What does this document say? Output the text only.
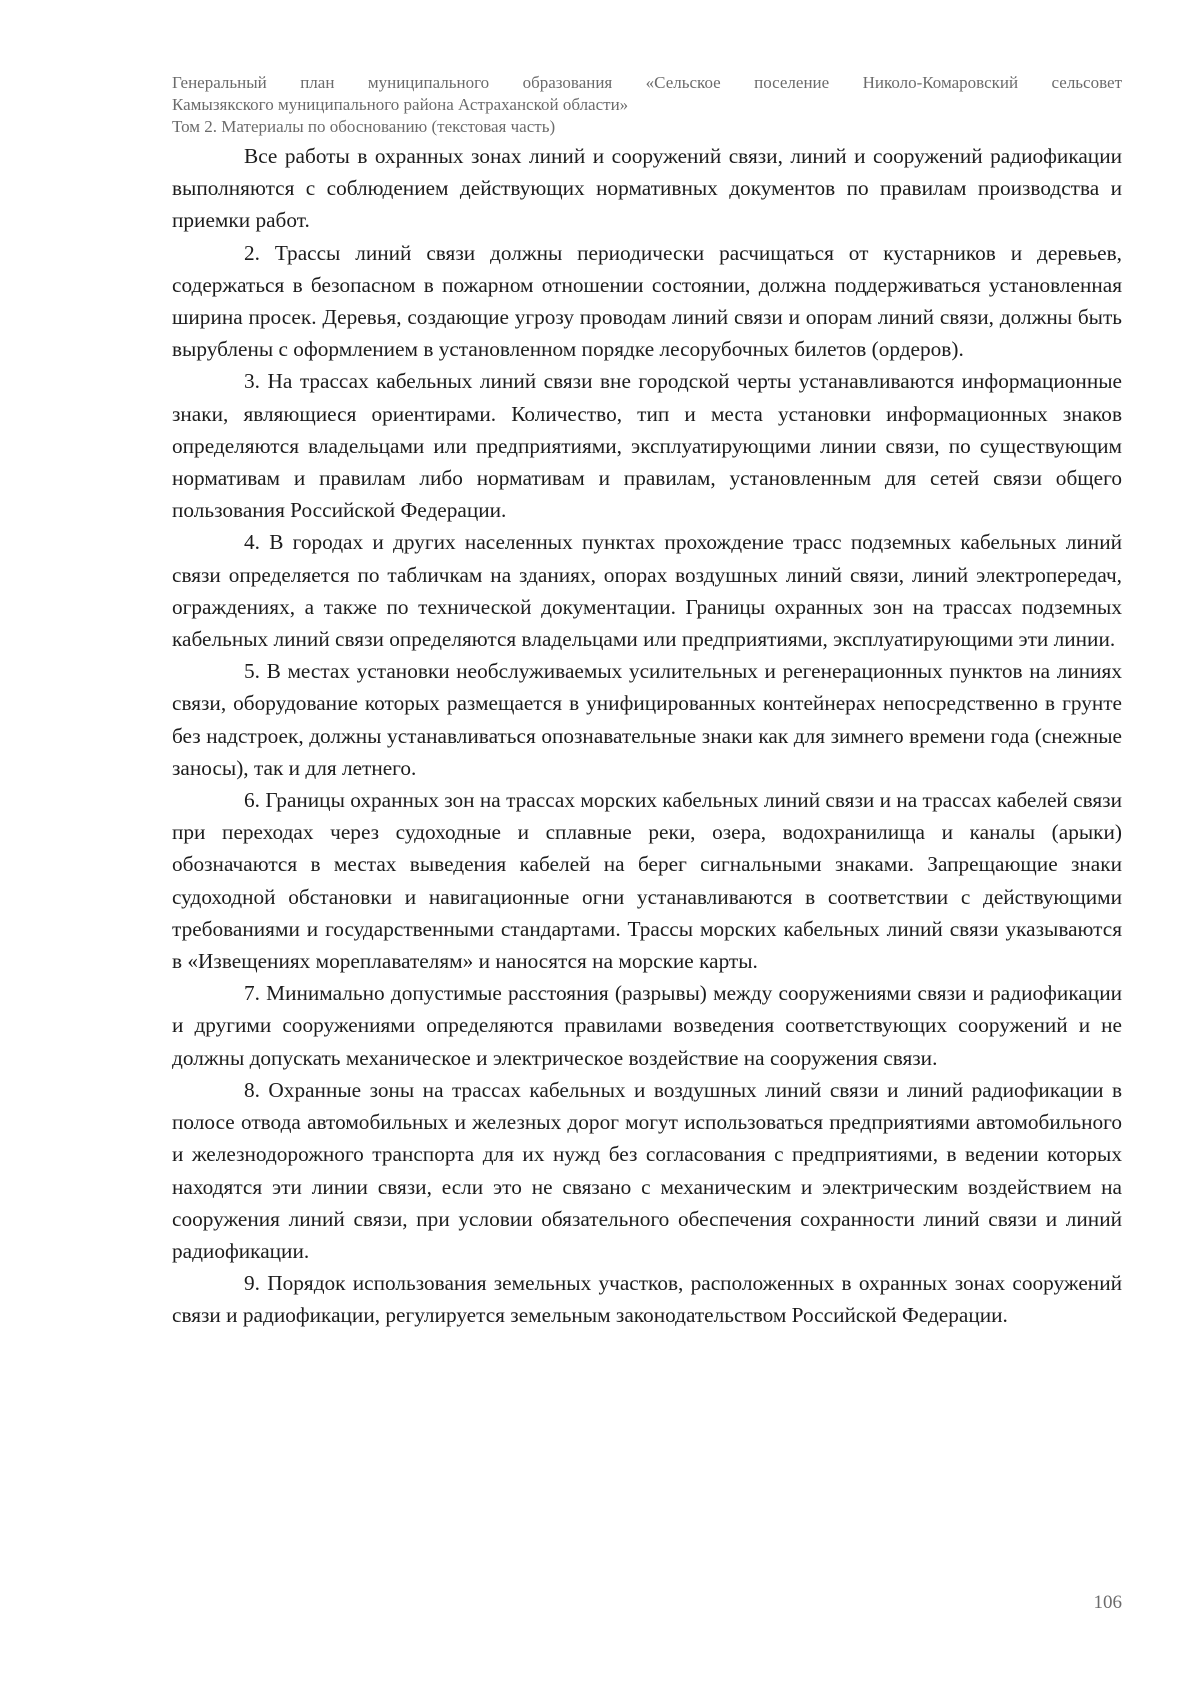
Генеральный план муниципального образования «Сельское поселение Николо-Комаровский сельсовет
Камызякского муниципального района Астраханской области»
Том 2. Материалы по обоснованию (текстовая часть)

Все работы в охранных зонах линий и сооружений связи, линий и сооружений радиофикации выполняются с соблюдением действующих нормативных документов по правилам производства и приемки работ.

2. Трассы линий связи должны периодически расчищаться от кустарников и деревьев, содержаться в безопасном в пожарном отношении состоянии, должна поддерживаться установленная ширина просек. Деревья, создающие угрозу проводам линий связи и опорам линий связи, должны быть вырублены с оформлением в установленном порядке лесорубочных билетов (ордеров).

3. На трассах кабельных линий связи вне городской черты устанавливаются информационные знаки, являющиеся ориентирами. Количество, тип и места установки информационных знаков определяются владельцами или предприятиями, эксплуатирующими линии связи, по существующим нормативам и правилам либо нормативам и правилам, установленным для сетей связи общего пользования Российской Федерации.

4. В городах и других населенных пунктах прохождение трасс подземных кабельных линий связи определяется по табличкам на зданиях, опорах воздушных линий связи, линий электропередач, ограждениях, а также по технической документации. Границы охранных зон на трассах подземных кабельных линий связи определяются владельцами или предприятиями, эксплуатирующими эти линии.

5. В местах установки необслуживаемых усилительных и регенерационных пунктов на линиях связи, оборудование которых размещается в унифицированных контейнерах непосредственно в грунте без надстроек, должны устанавливаться опознавательные знаки как для зимнего времени года (снежные заносы), так и для летнего.

6. Границы охранных зон на трассах морских кабельных линий связи и на трассах кабелей связи при переходах через судоходные и сплавные реки, озера, водохранилища и каналы (арыки) обозначаются в местах выведения кабелей на берег сигнальными знаками. Запрещающие знаки судоходной обстановки и навигационные огни устанавливаются в соответствии с действующими требованиями и государственными стандартами. Трассы морских кабельных линий связи указываются в «Извещениях мореплавателям» и наносятся на морские карты.

7. Минимально допустимые расстояния (разрывы) между сооружениями связи и радиофикации и другими сооружениями определяются правилами возведения соответствующих сооружений и не должны допускать механическое и электрическое воздействие на сооружения связи.

8. Охранные зоны на трассах кабельных и воздушных линий связи и линий радиофикации в полосе отвода автомобильных и железных дорог могут использоваться предприятиями автомобильного и железнодорожного транспорта для их нужд без согласования с предприятиями, в ведении которых находятся эти линии связи, если это не связано с механическим и электрическим воздействием на сооружения линий связи, при условии обязательного обеспечения сохранности линий связи и линий радиофикации.

9. Порядок использования земельных участков, расположенных в охранных зонах сооружений связи и радиофикации, регулируется земельным законодательством Российской Федерации.

106
